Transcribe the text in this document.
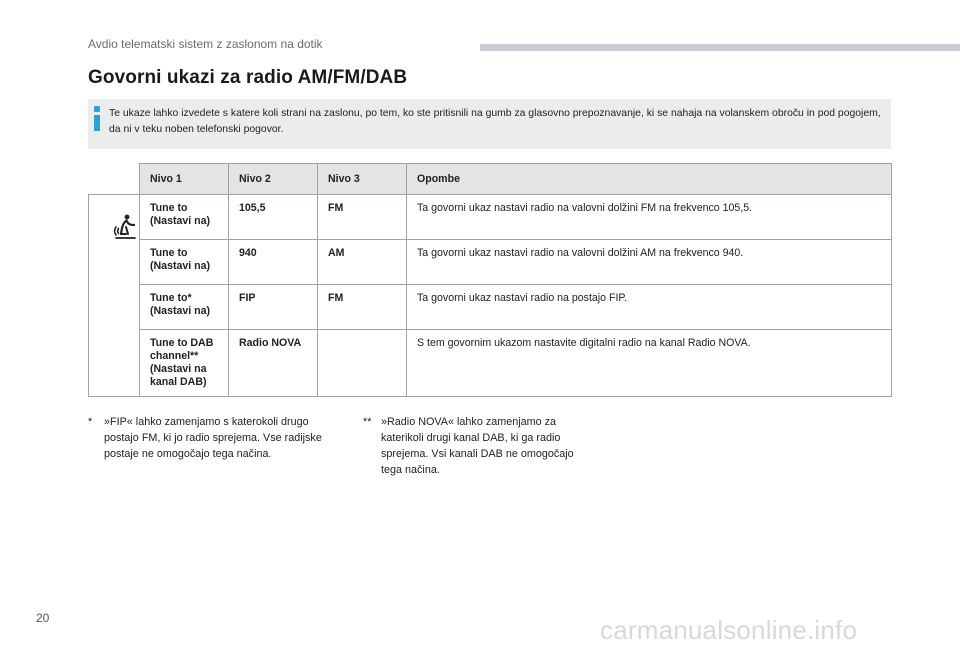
Avdio telematski sistem z zaslonom na dotik
Govorni ukazi za radio AM/FM/DAB
Te ukaze lahko izvedete s katere koli strani na zaslonu, po tem, ko ste pritisnili na gumb za glasovno prepoznavanje, ki se nahaja na volanskem obroču in pod pogojem, da ni v teku noben telefonski pogovor.
	Nivo 1	Nivo 2	Nivo 3	Opombe

	Tune to (Nastavi na)	105,5	FM	Ta govorni ukaz nastavi radio na valovni dolžini FM na frekvenco 105,5.
	Tune to (Nastavi na)	940	AM	Ta govorni ukaz nastavi radio na valovni dolžini AM na frekvenco 940.
	Tune to* (Nastavi na)	FIP	FM	Ta govorni ukaz nastavi radio na postajo FIP.
	Tune to DAB channel** (Nastavi na kanal DAB)	Radio NOVA		S tem govornim ukazom nastavite digitalni radio na kanal Radio NOVA.
* »FIP« lahko zamenjamo s katerokoli drugo postajo FM, ki jo radio sprejema. Vse radijske postaje ne omogočajo tega načina.
** »Radio NOVA« lahko zamenjamo za katerikoli drugi kanal DAB, ki ga radio sprejema. Vsi kanali DAB ne omogočajo tega načina.
20	carmanualsonline.info
